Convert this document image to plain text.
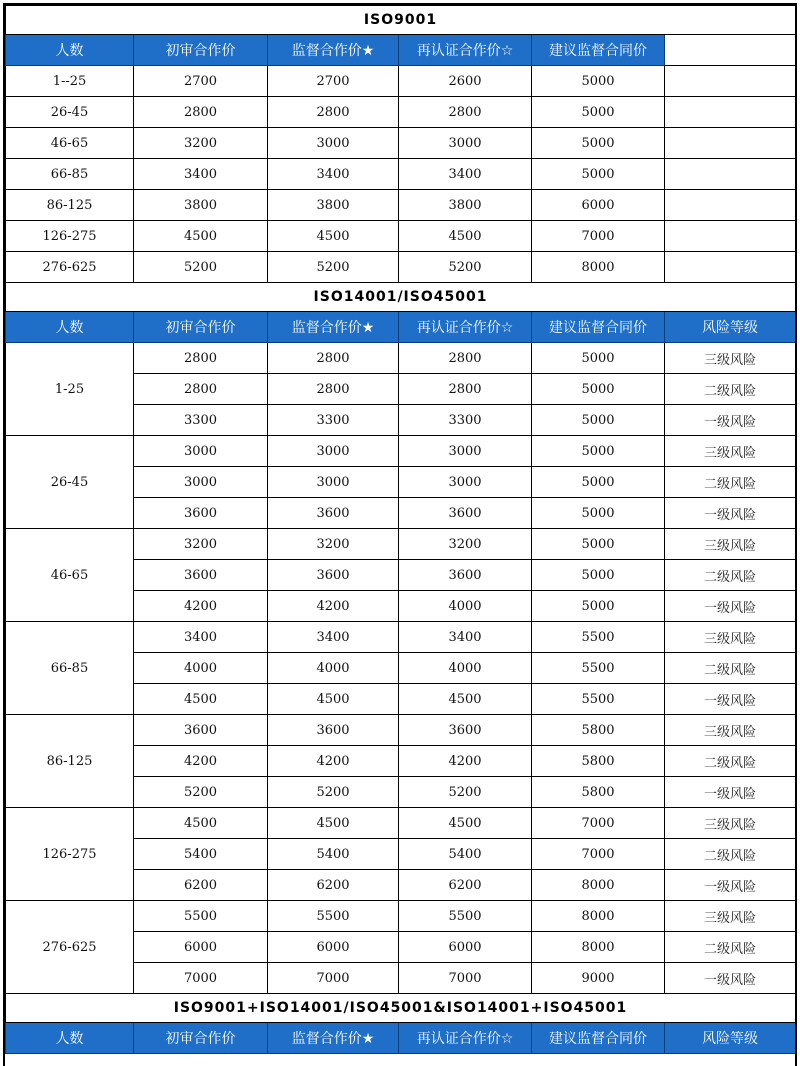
ISO9001					
人数	初审合作价	监督合作价★	再认证合作价☆	建议监督合同价	
1--25	2700	2700	2600	5000	
26-45	2800	2800	2800	5000	
46-65	3200	3000	3000	5000	
66-85	3400	3400	3400	5000	
86-125	3800	3800	3800	6000	
126-275	4500	4500	4500	7000	
276-625	5200	5200	5200	8000	
ISO14001/ISO45001					
人数	初审合作价	监督合作价★	再认证合作价☆	建议监督合同价	风险等级
1-25	2800	2800	2800	5000	三级风险
	2800	2800	2800	5000	二级风险
	3300	3300	3300	5000	一级风险
26-45	3000	3000	3000	5000	三级风险
	3000	3000	3000	5000	二级风险
	3600	3600	3600	5000	一级风险
46-65	3200	3200	3200	5000	三级风险
	3600	3600	3600	5000	二级风险
	4200	4200	4000	5000	一级风险
66-85	3400	3400	3400	5500	三级风险
	4000	4000	4000	5500	二级风险
	4500	4500	4500	5500	一级风险
86-125	3600	3600	3600	5800	三级风险
	4200	4200	4200	5800	二级风险
	5200	5200	5200	5800	一级风险
126-275	4500	4500	4500	7000	三级风险
	5400	5400	5400	7000	二级风险
	6200	6200	6200	8000	一级风险
276-625	5500	5500	5500	8000	三级风险
	6000	6000	6000	8000	二级风险
	7000	7000	7000	9000	一级风险
ISO9001+ISO14001/ISO45001&ISO14001+ISO45001					
人数	初审合作价	监督合作价★	再认证合作价☆	建议监督合同价	风险等级
